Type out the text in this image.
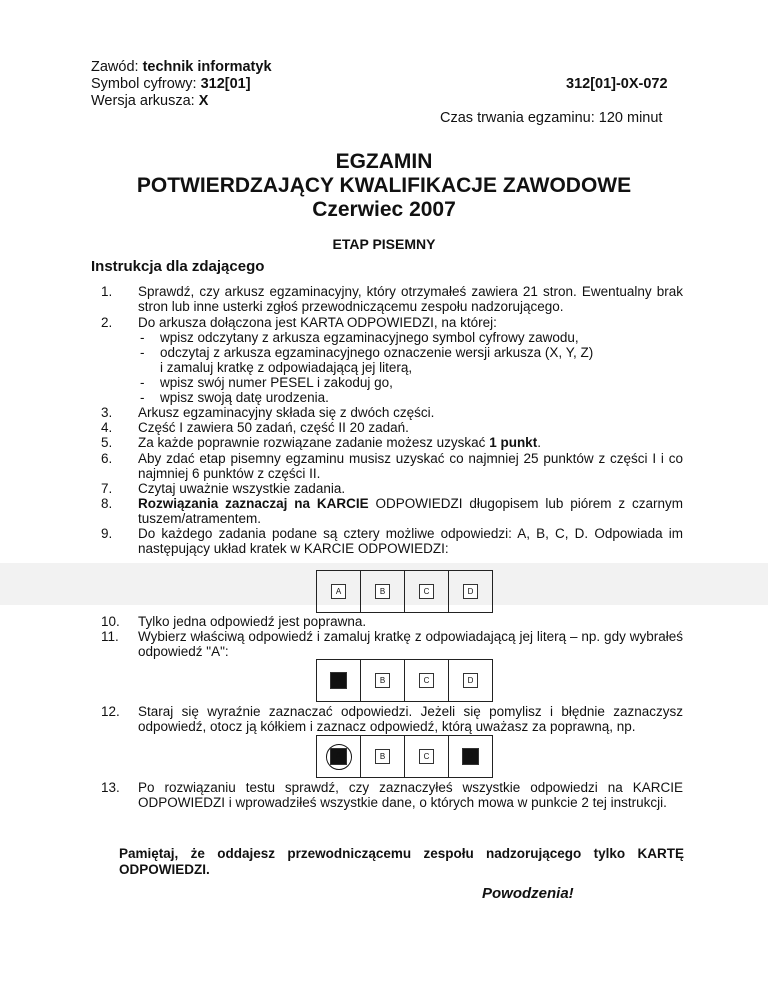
Zawód: technik informatyk
Symbol cyfrowy: 312[01]
Wersja arkusza: X
312[01]-0X-072
Czas trwania egzaminu: 120 minut
EGZAMIN
POTWIERDZAJĄCY KWALIFIKACJE ZAWODOWE
Czerwiec 2007
ETAP PISEMNY
Instrukcja dla zdającego
1.	Sprawdź, czy arkusz egzaminacyjny, który otrzymałeś zawiera 21 stron. Ewentualny brak stron lub inne usterki zgłoś przewodniczącemu zespołu nadzorującego.
2.	Do arkusza dołączona jest KARTA ODPOWIEDZI, na której:
- wpisz odczytany z arkusza egzaminacyjnego symbol cyfrowy zawodu,
- odczytaj z arkusza egzaminacyjnego oznaczenie wersji arkusza (X, Y, Z)
i zamaluj kratkę z odpowiadającą jej literą,
- wpisz swój numer PESEL i zakoduj go,
- wpisz swoją datę urodzenia.
3.	Arkusz egzaminacyjny składa się z dwóch części.
4.	Część I zawiera 50 zadań, część II 20 zadań.
5.	Za każde poprawnie rozwiązane zadanie możesz uzyskać 1 punkt.
6.	Aby zdać etap pisemny egzaminu musisz uzyskać co najmniej 25 punktów z części I i co najmniej 6 punktów z części II.
7.	Czytaj uważnie wszystkie zadania.
8.	Rozwiązania zaznaczaj na KARCIE ODPOWIEDZI długopisem lub piórem z czarnym tuszem/atramentem.
9.	Do każdego zadania podane są cztery możliwe odpowiedzi: A, B, C, D. Odpowiada im następujący układ kratek w KARCIE ODPOWIEDZI:
A	B	C	D
10.	Tylko jedna odpowiedź jest poprawna.
11.	Wybierz właściwą odpowiedź i zamaluj kratkę z odpowiadającą jej literą – np. gdy wybrałeś odpowiedź "A":
A	B	C	D
12.	Staraj się wyraźnie zaznaczać odpowiedzi. Jeżeli się pomylisz i błędnie zaznaczysz odpowiedź, otocz ją kółkiem i zaznacz odpowiedź, którą uważasz za poprawną, np.
A	B	C	D
13.	Po rozwiązaniu testu sprawdź, czy zaznaczyłeś wszystkie odpowiedzi na KARCIE ODPOWIEDZI i wprowadziłeś wszystkie dane, o których mowa w punkcie 2 tej instrukcji.
Pamiętaj, że oddajesz przewodniczącemu zespołu nadzorującego tylko KARTĘ ODPOWIEDZI.
Powodzenia!
